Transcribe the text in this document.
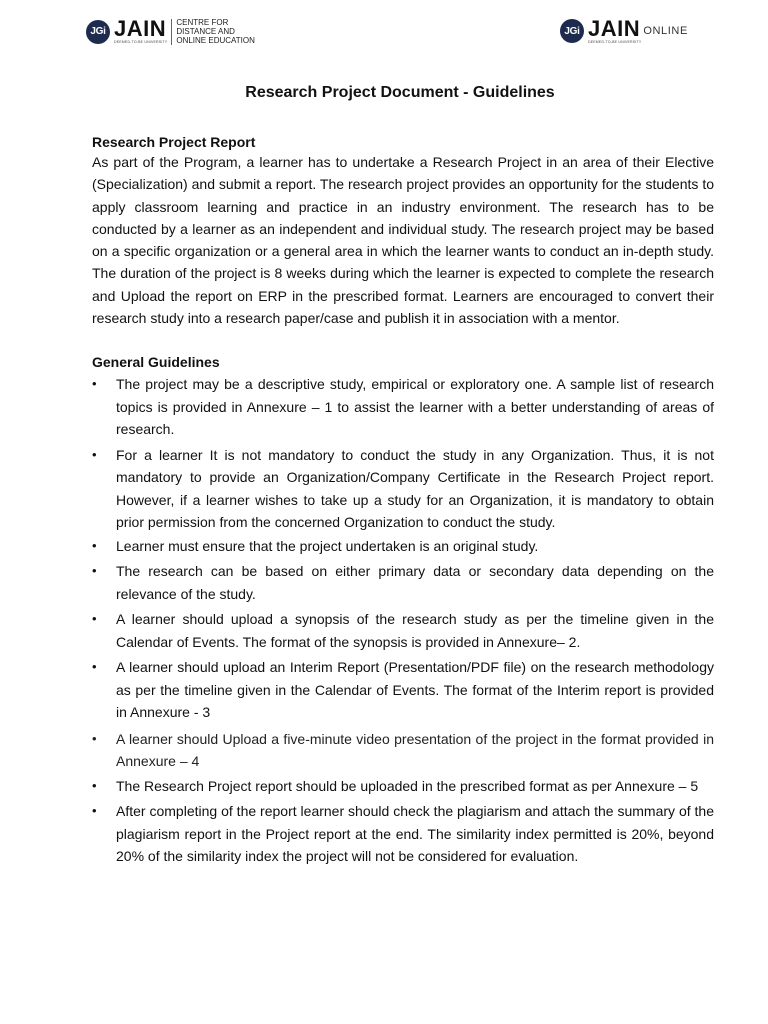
JGi JAIN
DEEMED-TO-BE UNIVERSITY
CENTRE FOR
DISTANCE AND
ONLINE EDUCATION
JGi JAIN
DEEMED-TO-BE UNIVERSITY
ONLINE
Research Project Document - Guidelines
Research Project Report

As part of the Program, a learner has to undertake a Research Project in an area of their Elective (Specialization) and submit a report. The research project provides an opportunity for the students to apply classroom learning and practice in an industry environment. The research has to be conducted by a learner as an independent and individual study. The research project may be based on a specific organization or a general area in which the learner wants to conduct an in-depth study. The duration of the project is 8 weeks during which the learner is expected to complete the research and Upload the report on ERP in the prescribed format. Learners are encouraged to convert their research study into a research paper/case and publish it in association with a mentor.

General Guidelines
• The project may be a descriptive study, empirical or exploratory one. A sample list of research topics is provided in Annexure – 1 to assist the learner with a better understanding of areas of research.
• For a learner It is not mandatory to conduct the study in any Organization. Thus, it is not mandatory to provide an Organization/Company Certificate in the Research Project report. However, if a learner wishes to take up a study for an Organization, it is mandatory to obtain prior permission from the concerned Organization to conduct the study.
• Learner must ensure that the project undertaken is an original study.
• The research can be based on either primary data or secondary data depending on the relevance of the study.
• A learner should upload a synopsis of the research study as per the timeline given in the Calendar of Events. The format of the synopsis is provided in Annexure– 2.
• A learner should upload an Interim Report (Presentation/PDF file) on the research methodology as per the timeline given in the Calendar of Events. The format of the Interim report is provided in Annexure - 3
• A learner should Upload a five-minute video presentation of the project in the format provided in Annexure – 4
• The Research Project report should be uploaded in the prescribed format as per Annexure – 5
• After completing of the report learner should check the plagiarism and attach the summary of the plagiarism report in the Project report at the end. The similarity index permitted is 20%, beyond 20% of the similarity index the project will not be considered for evaluation.
